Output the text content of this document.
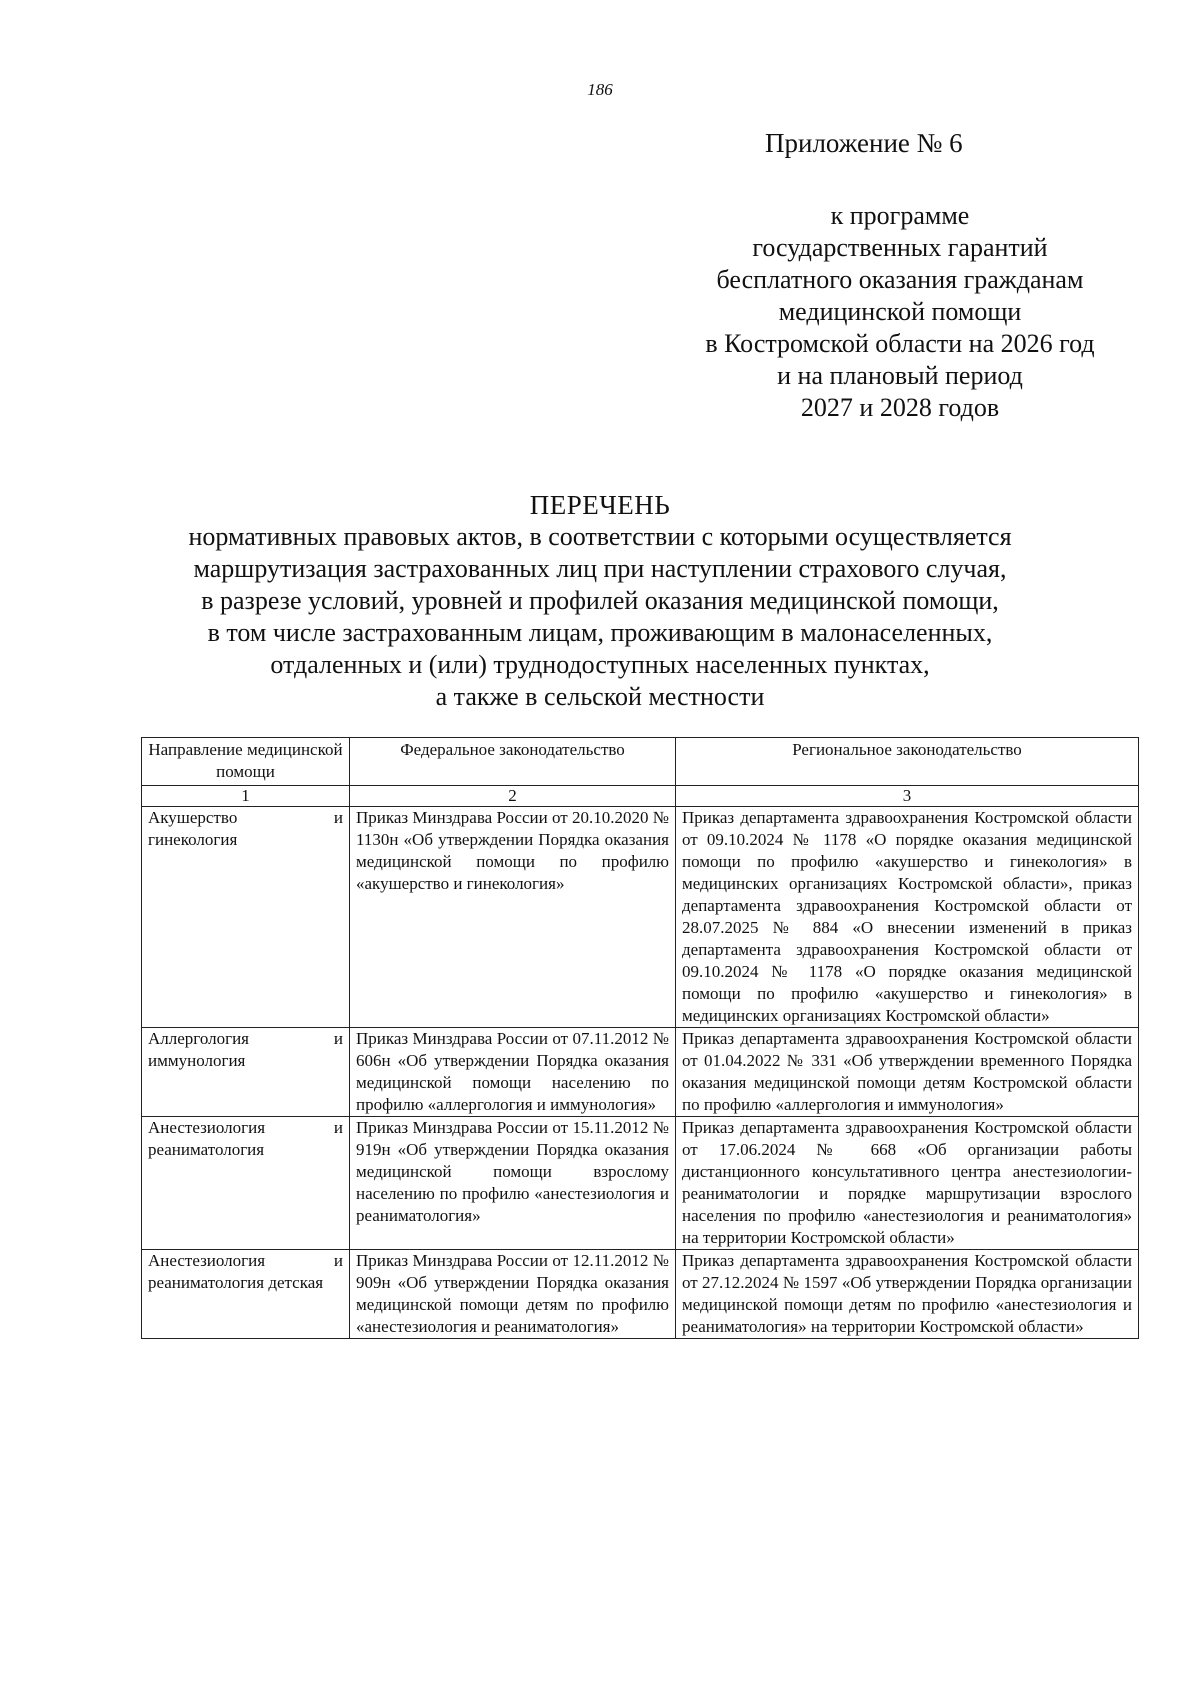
186
Приложение № 6
к программе
государственных гарантий
бесплатного оказания гражданам
медицинской помощи
в Костромской области на 2026 год
и на плановый период
2027 и 2028 годов
ПЕРЕЧЕНЬ
нормативных правовых актов, в соответствии с которыми осуществляется
маршрутизация застрахованных лиц при наступлении страхового случая,
в разрезе условий, уровней и профилей оказания медицинской помощи,
в том числе застрахованным лицам, проживающим в малонаселенных,
отдаленных и (или) труднодоступных населенных пунктах,
а также в сельской местности
Направление медицинской помощи	Федеральное законодательство	Региональное законодательство
1	2	3
Акушерство и гинекология	Приказ Минздрава России от 20.10.2020 № 1130н «Об утверждении Порядка оказания медицинской помощи по профилю «акушерство и гинекология»	Приказ департамента здравоохранения Костромской области от 09.10.2024 № 1178 «О порядке оказания медицинской помощи по профилю «акушерство и гинекология» в медицинских организациях Костромской области», приказ департамента здравоохранения Костромской области от 28.07.2025 № 884 «О внесении изменений в приказ департамента здравоохранения Костромской области от 09.10.2024 № 1178 «О порядке оказания медицинской помощи по профилю «акушерство и гинекология» в медицинских организациях Костромской области»
Аллергология и иммунология	Приказ Минздрава России от 07.11.2012 № 606н «Об утверждении Порядка оказания медицинской помощи населению по профилю «аллергология и иммунология»	Приказ департамента здравоохранения Костромской области от 01.04.2022 № 331 «Об утверждении временного Порядка оказания медицинской помощи детям Костромской области по профилю «аллергология и иммунология»
Анестезиология и реаниматология	Приказ Минздрава России от 15.11.2012 № 919н «Об утверждении Порядка оказания медицинской помощи взрослому населению по профилю «анестезиология и реаниматология»	Приказ департамента здравоохранения Костромской области от 17.06.2024 № 668 «Об организации работы дистанционного консультативного центра анестезиологии-реаниматологии и порядке маршрутизации взрослого населения по профилю «анестезиология и реаниматология» на территории Костромской области»
Анестезиология и реаниматология детская	Приказ Минздрава России от 12.11.2012 № 909н «Об утверждении Порядка оказания медицинской помощи детям по профилю «анестезиология и реаниматология»	Приказ департамента здравоохранения Костромской области от 27.12.2024 № 1597 «Об утверждении Порядка организации медицинской помощи детям по профилю «анестезиология и реаниматология» на территории Костромской области»
